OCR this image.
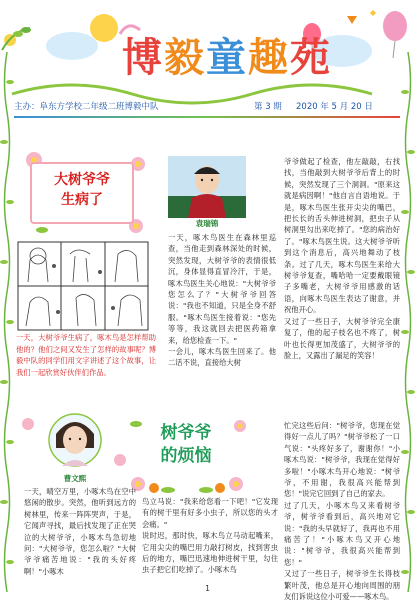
博毅童趣苑
主办：阜东方学校二年级二班博毅中队	第 3 期 2020 年 5 月 20 日
大树爷爷
生病了
一天，大树爷爷生病了，啄木鸟是怎样帮助他的？他们之间又发生了怎样的故事呢？博毅中队的同学们用文字讲述了这个故事，让我们一起欣赏好伙伴们作品。
袁瑞锦
一天，啄木鸟医生在森林里巡查，当他走到森林深处的时候，突然发现，大树爷爷的表情很低沉，身体显得直冒冷汗，于是，啄木鸟医生关心地说："大树爷爷您怎么了？"大树爷爷回答说："我也不知道，只是全身不舒服。"啄木鸟医生接着说："您先等等，我这就回去把医药箱拿来，给您检查一下。"
一会儿，啄木鸟医生回来了。他二话不说，直接给大树
爷爷做起了检查，他左敲敲，右找找，当他敲到大树爷爷后背上的时候，突然发现了三个洞洞。"原来这就是病因啊！"他自言自语地说。于是，啄木鸟医生张开尖尖的嘴巴，把长长的舌头伸进树洞，把虫子从树洞里勾出来吃掉了。"您的病治好了。"啄木鸟医生说。这大树爷爷听到这个消息后，高兴地舞动了枝条。过了几天，啄木鸟医生来给大树爷爷复查，嘴哈哈一定要戴眼镜子多嘴老，大树爷爷用感激的话语，向啄木鸟医生表达了谢意，并祝他开心。
又过了一些日子，大树爷爷完全康复了，他的起子枝名也不疼了，树叶也长得更加茂盛了，大树爷爷的脸上，又露出了漏足的笑容！
曹文熙
树爷爷
的烦恼
一天，晴空万里，小啄木鸟在空中悠闲的散步。突然，他听到远方的树林里，传来一阵阵哭声，于是，它闻声寻找，最后找发现了正在哭泣的大树爷爷，小啄木鸟急切地问："大树爷爷，您怎么啦？"大树爷爷痛苦地说："我的头好疼啊！"小啄木
鸟立马说："我来给您看一下吧！"它发现有的树干里有好多小虫子，所以您的头才会痛。"
说时迟，那时快，啄木鸟立马动起嘴来，它用尖尖的嘴巴用力敲打树皮，找到害虫后的地方，嘴巴迅速地伸进树干里，勾住虫子把它们吃掉了。小啄木鸟
忙完这些后问："树爷爷，您现在觉得好一点儿了吗？"树爷爷松了一口气说："头疼好多了，谢谢你！"小啄木鸟说："树爷爷，我现在觉得好多啦！"小啄木鸟开心地说："树爷爷，不用谢，我很高兴能帮到您！"说完它回到了自己的家去。
过了几天，小啄木鸟又来看树爷爷，树爷爷看到后，高兴地对它说："我的头早就好了，我再也不用痛苦了！"小啄木鸟又开心地说："树爷爷，我很高兴能帮到您！"
又过了一些日子，树爷爷生长得枝繁叶茂，他总是开心地向周围的朋友们诉说这位小可爱——啄木鸟。
1
